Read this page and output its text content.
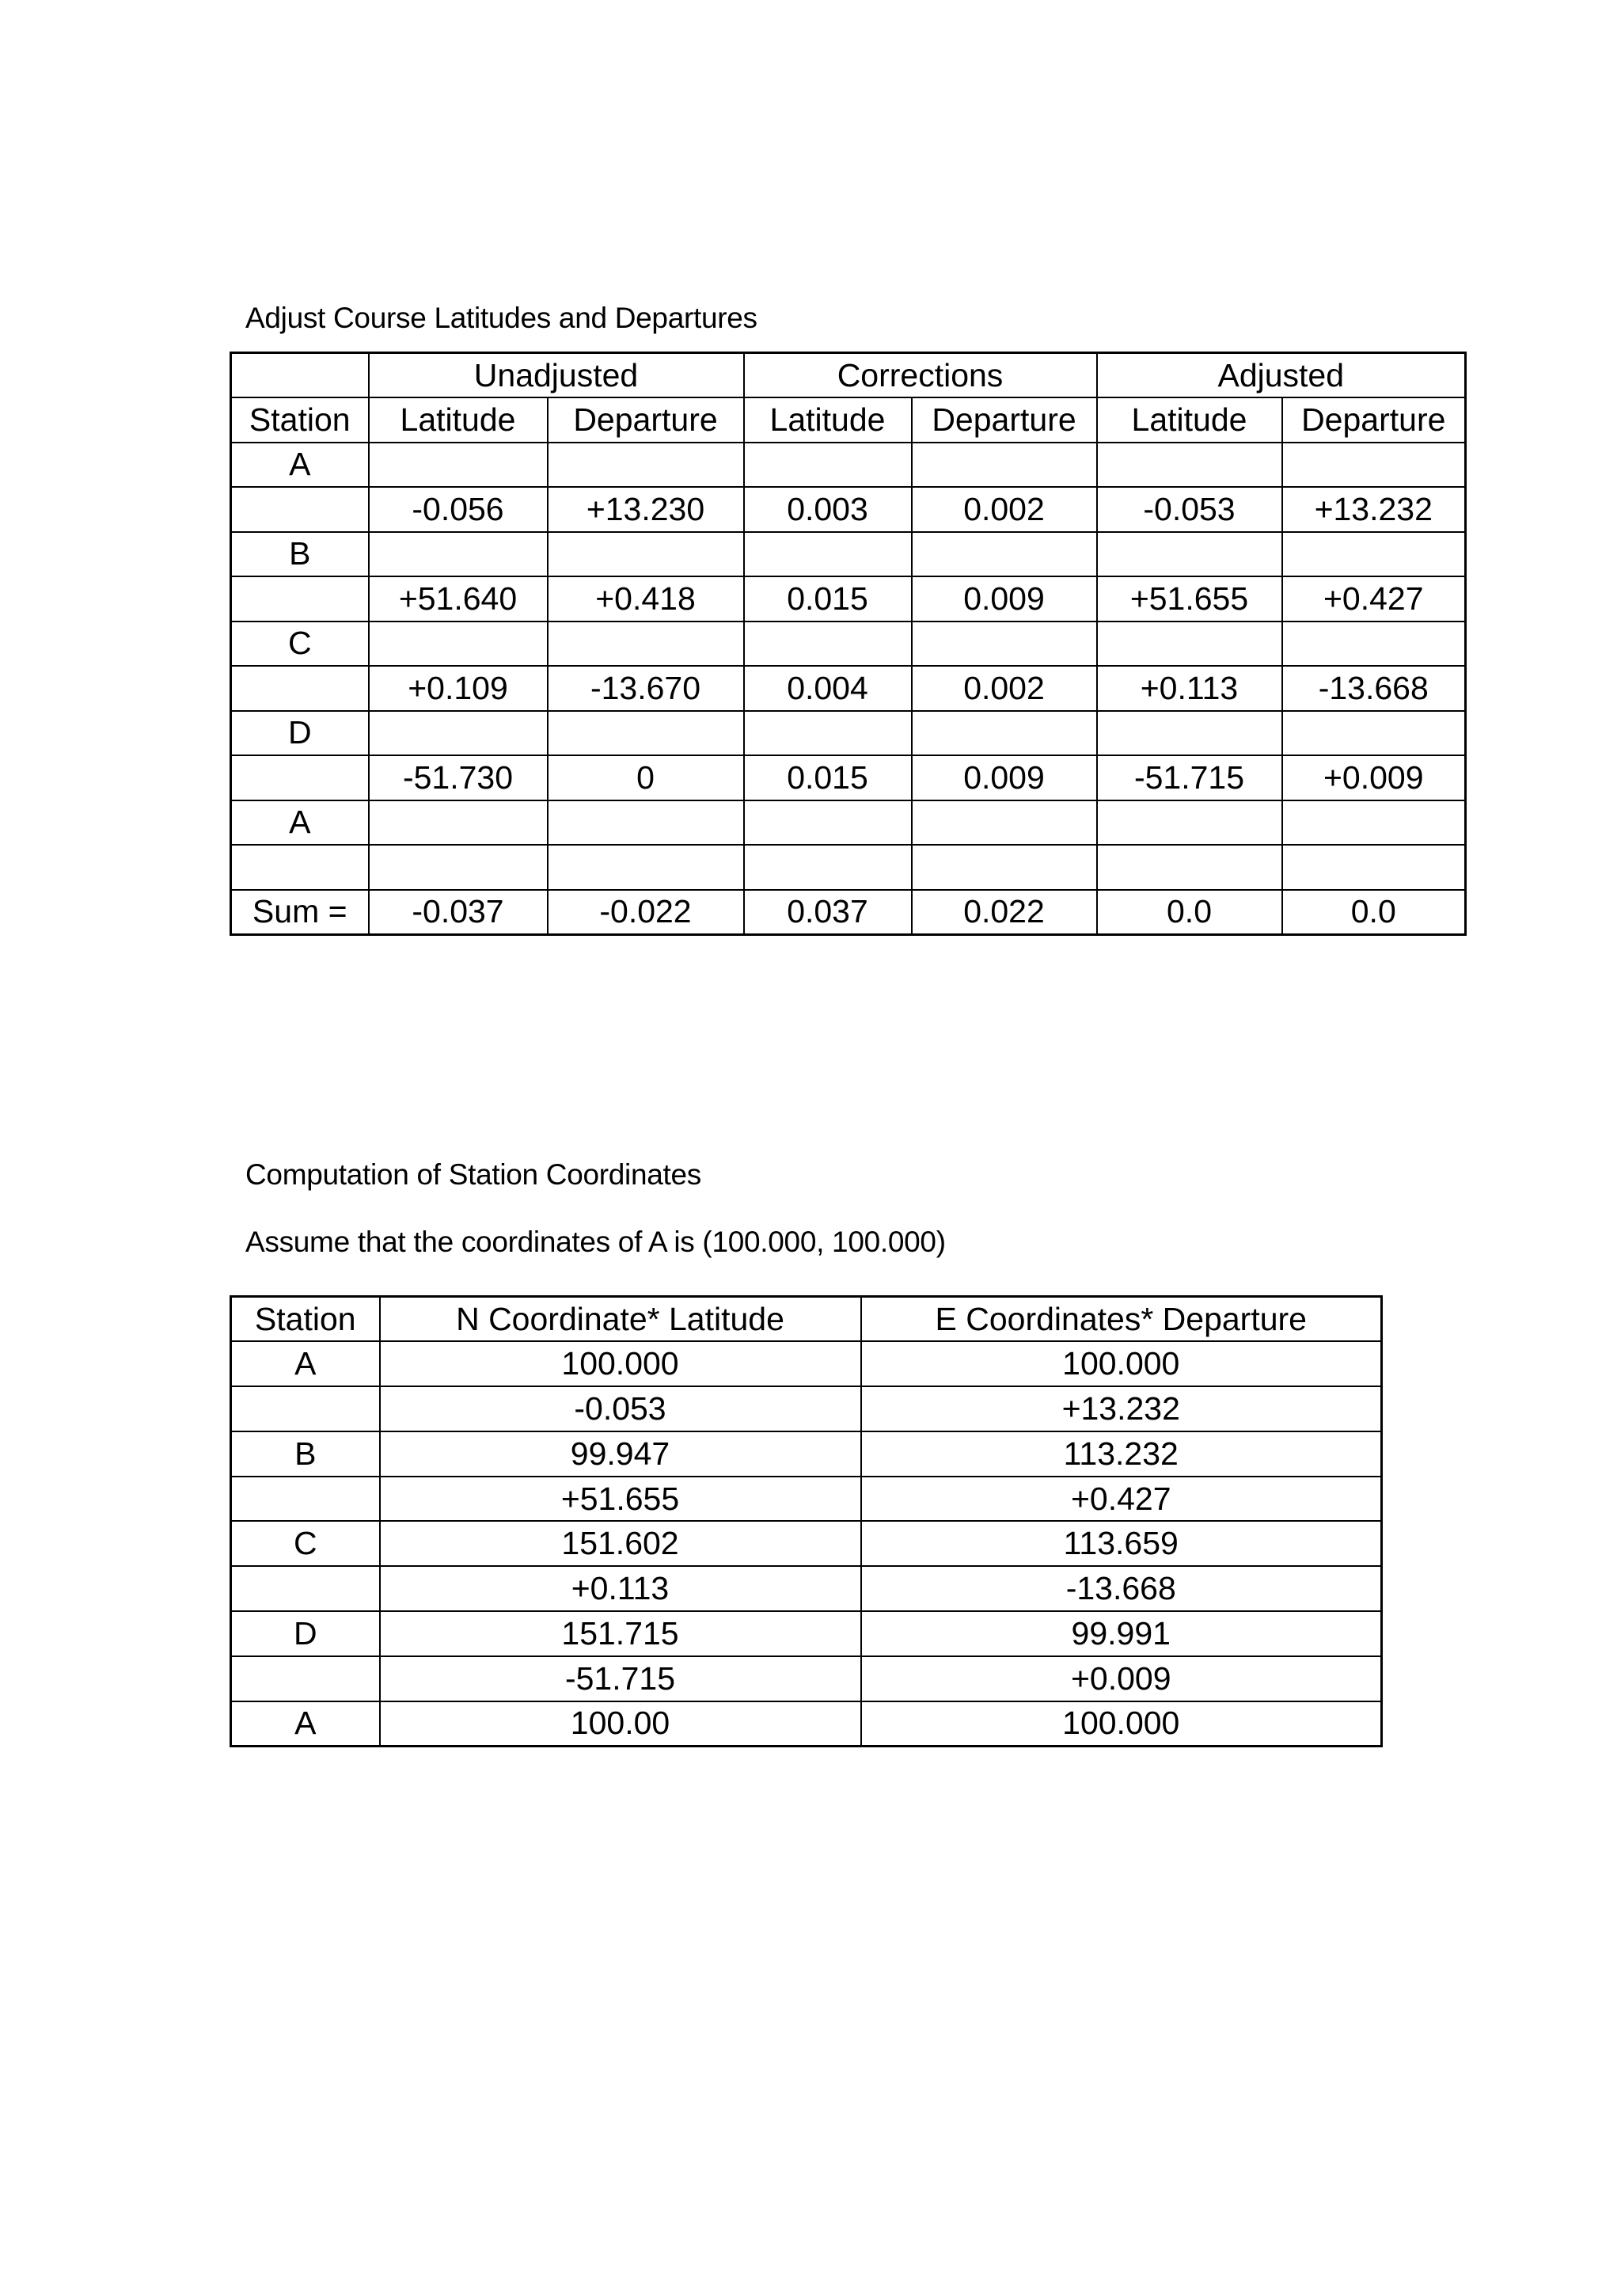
Adjust Course Latitudes and Departures
	Unadjusted		Corrections		Adjusted	
Station	Latitude	Departure	Latitude	Departure	Latitude	Departure
A						
	-0.056	+13.230	0.003	0.002	-0.053	+13.232
B						
	+51.640	+0.418	0.015	0.009	+51.655	+0.427
C						
	+0.109	-13.670	0.004	0.002	+0.113	-13.668
D						
	-51.730	0	0.015	0.009	-51.715	+0.009
A						

Sum =	-0.037	-0.022	0.037	0.022	0.0	0.0
Computation of Station Coordinates
Assume that the coordinates of A is (100.000, 100.000)
Station	N Coordinate* Latitude	E Coordinates* Departure
A	100.000	100.000
	-0.053	+13.232
B	99.947	113.232
	+51.655	+0.427
C	151.602	113.659
	+0.113	-13.668
D	151.715	99.991
	-51.715	+0.009
A	100.00	100.000
